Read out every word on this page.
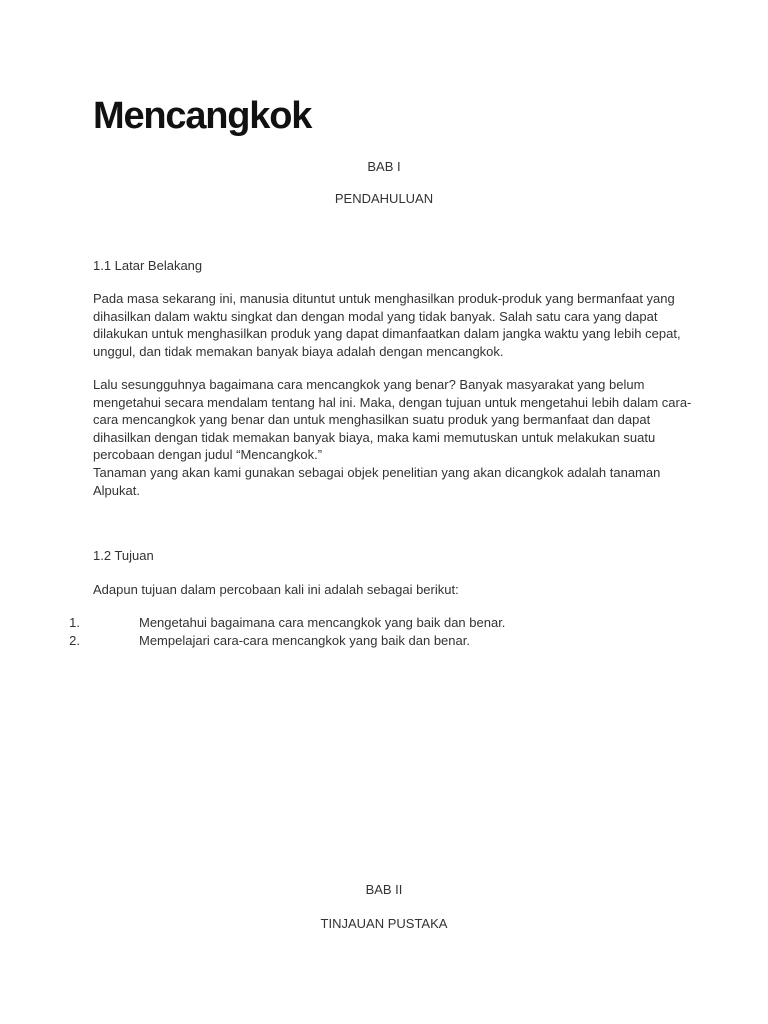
Mencangkok

BAB I

PENDAHULUAN

1.1 Latar Belakang

Pada masa sekarang ini, manusia dituntut untuk menghasilkan produk-produk yang bermanfaat yang dihasilkan dalam waktu singkat dan dengan modal yang tidak banyak. Salah satu cara yang dapat dilakukan untuk menghasilkan produk yang dapat dimanfaatkan dalam jangka waktu yang lebih cepat, unggul, dan tidak memakan banyak biaya adalah dengan mencangkok.

Lalu sesungguhnya bagaimana cara mencangkok yang benar? Banyak masyarakat yang belum mengetahui secara mendalam tentang hal ini. Maka, dengan tujuan untuk mengetahui lebih dalam cara-cara mencangkok yang benar dan untuk menghasilkan suatu produk yang bermanfaat dan dapat dihasilkan dengan tidak memakan banyak biaya, maka kami memutuskan untuk melakukan suatu percobaan dengan judul “Mencangkok.”

Tanaman yang akan kami gunakan sebagai objek penelitian yang akan dicangkok adalah tanaman Alpukat.

1.2 Tujuan

Adapun tujuan dalam percobaan kali ini adalah sebagai berikut:

1.	Mengetahui bagaimana cara mencangkok yang baik dan benar.
2.	Mempelajari cara-cara mencangkok yang baik dan benar.

BAB II

TINJAUAN PUSTAKA
